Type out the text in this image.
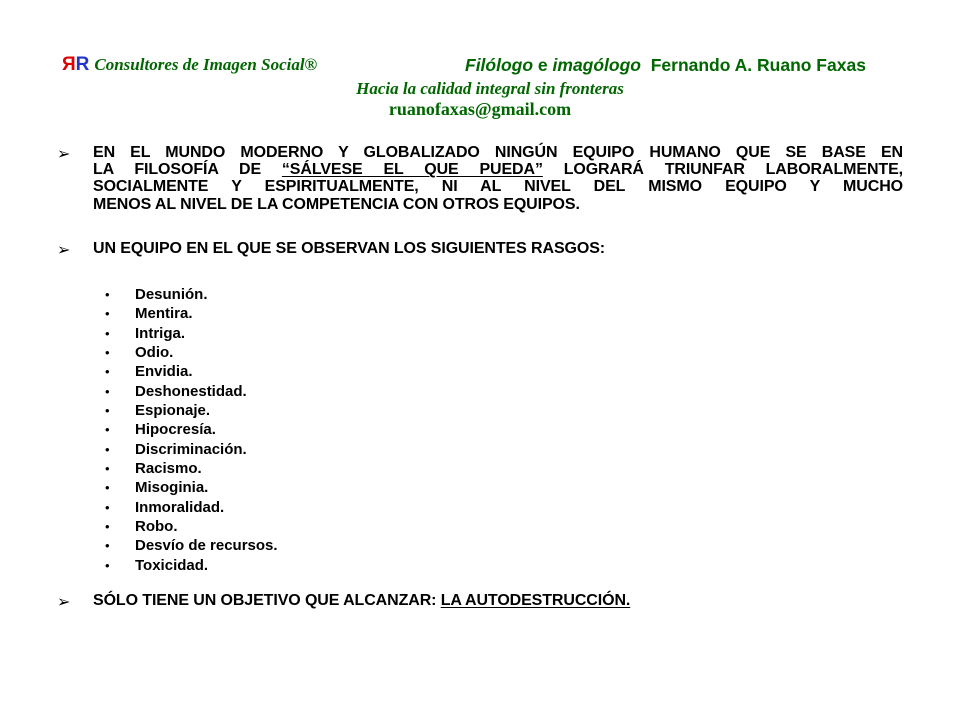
ЯR Consultores de Imagen Social®	Filólogo e imagólogo  Fernando A. Ruano Faxas
Hacia la calidad integral sin fronteras
ruanofaxas@gmail.com
➢
➢
➢
EN EL MUNDO MODERNO Y GLOBALIZADO NINGÚN EQUIPO HUMANO QUE SE BASE EN
LA FILOSOFÍA DE “SÁLVESE EL QUE PUEDA” LOGRARÁ TRIUNFAR LABORALMENTE,
SOCIALMENTE Y ESPIRITUALMENTE, NI AL NIVEL DEL MISMO EQUIPO Y MUCHO
MENOS AL NIVEL DE LA COMPETENCIA CON OTROS EQUIPOS.
UN EQUIPO EN EL QUE SE OBSERVAN LOS SIGUIENTES RASGOS:
•	Desunión.
•	Mentira.
•	Intriga.
•	Odio.
•	Envidia.
•	Deshonestidad.
•	Espionaje.
•	Hipocresía.
•	Discriminación.
•	Racismo.
•	Misoginia.
•	Inmoralidad.
•	Robo.
•	Desvío de recursos.
•	Toxicidad.
SÓLO TIENE UN OBJETIVO QUE ALCANZAR: LA AUTODESTRUCCIÓN.
